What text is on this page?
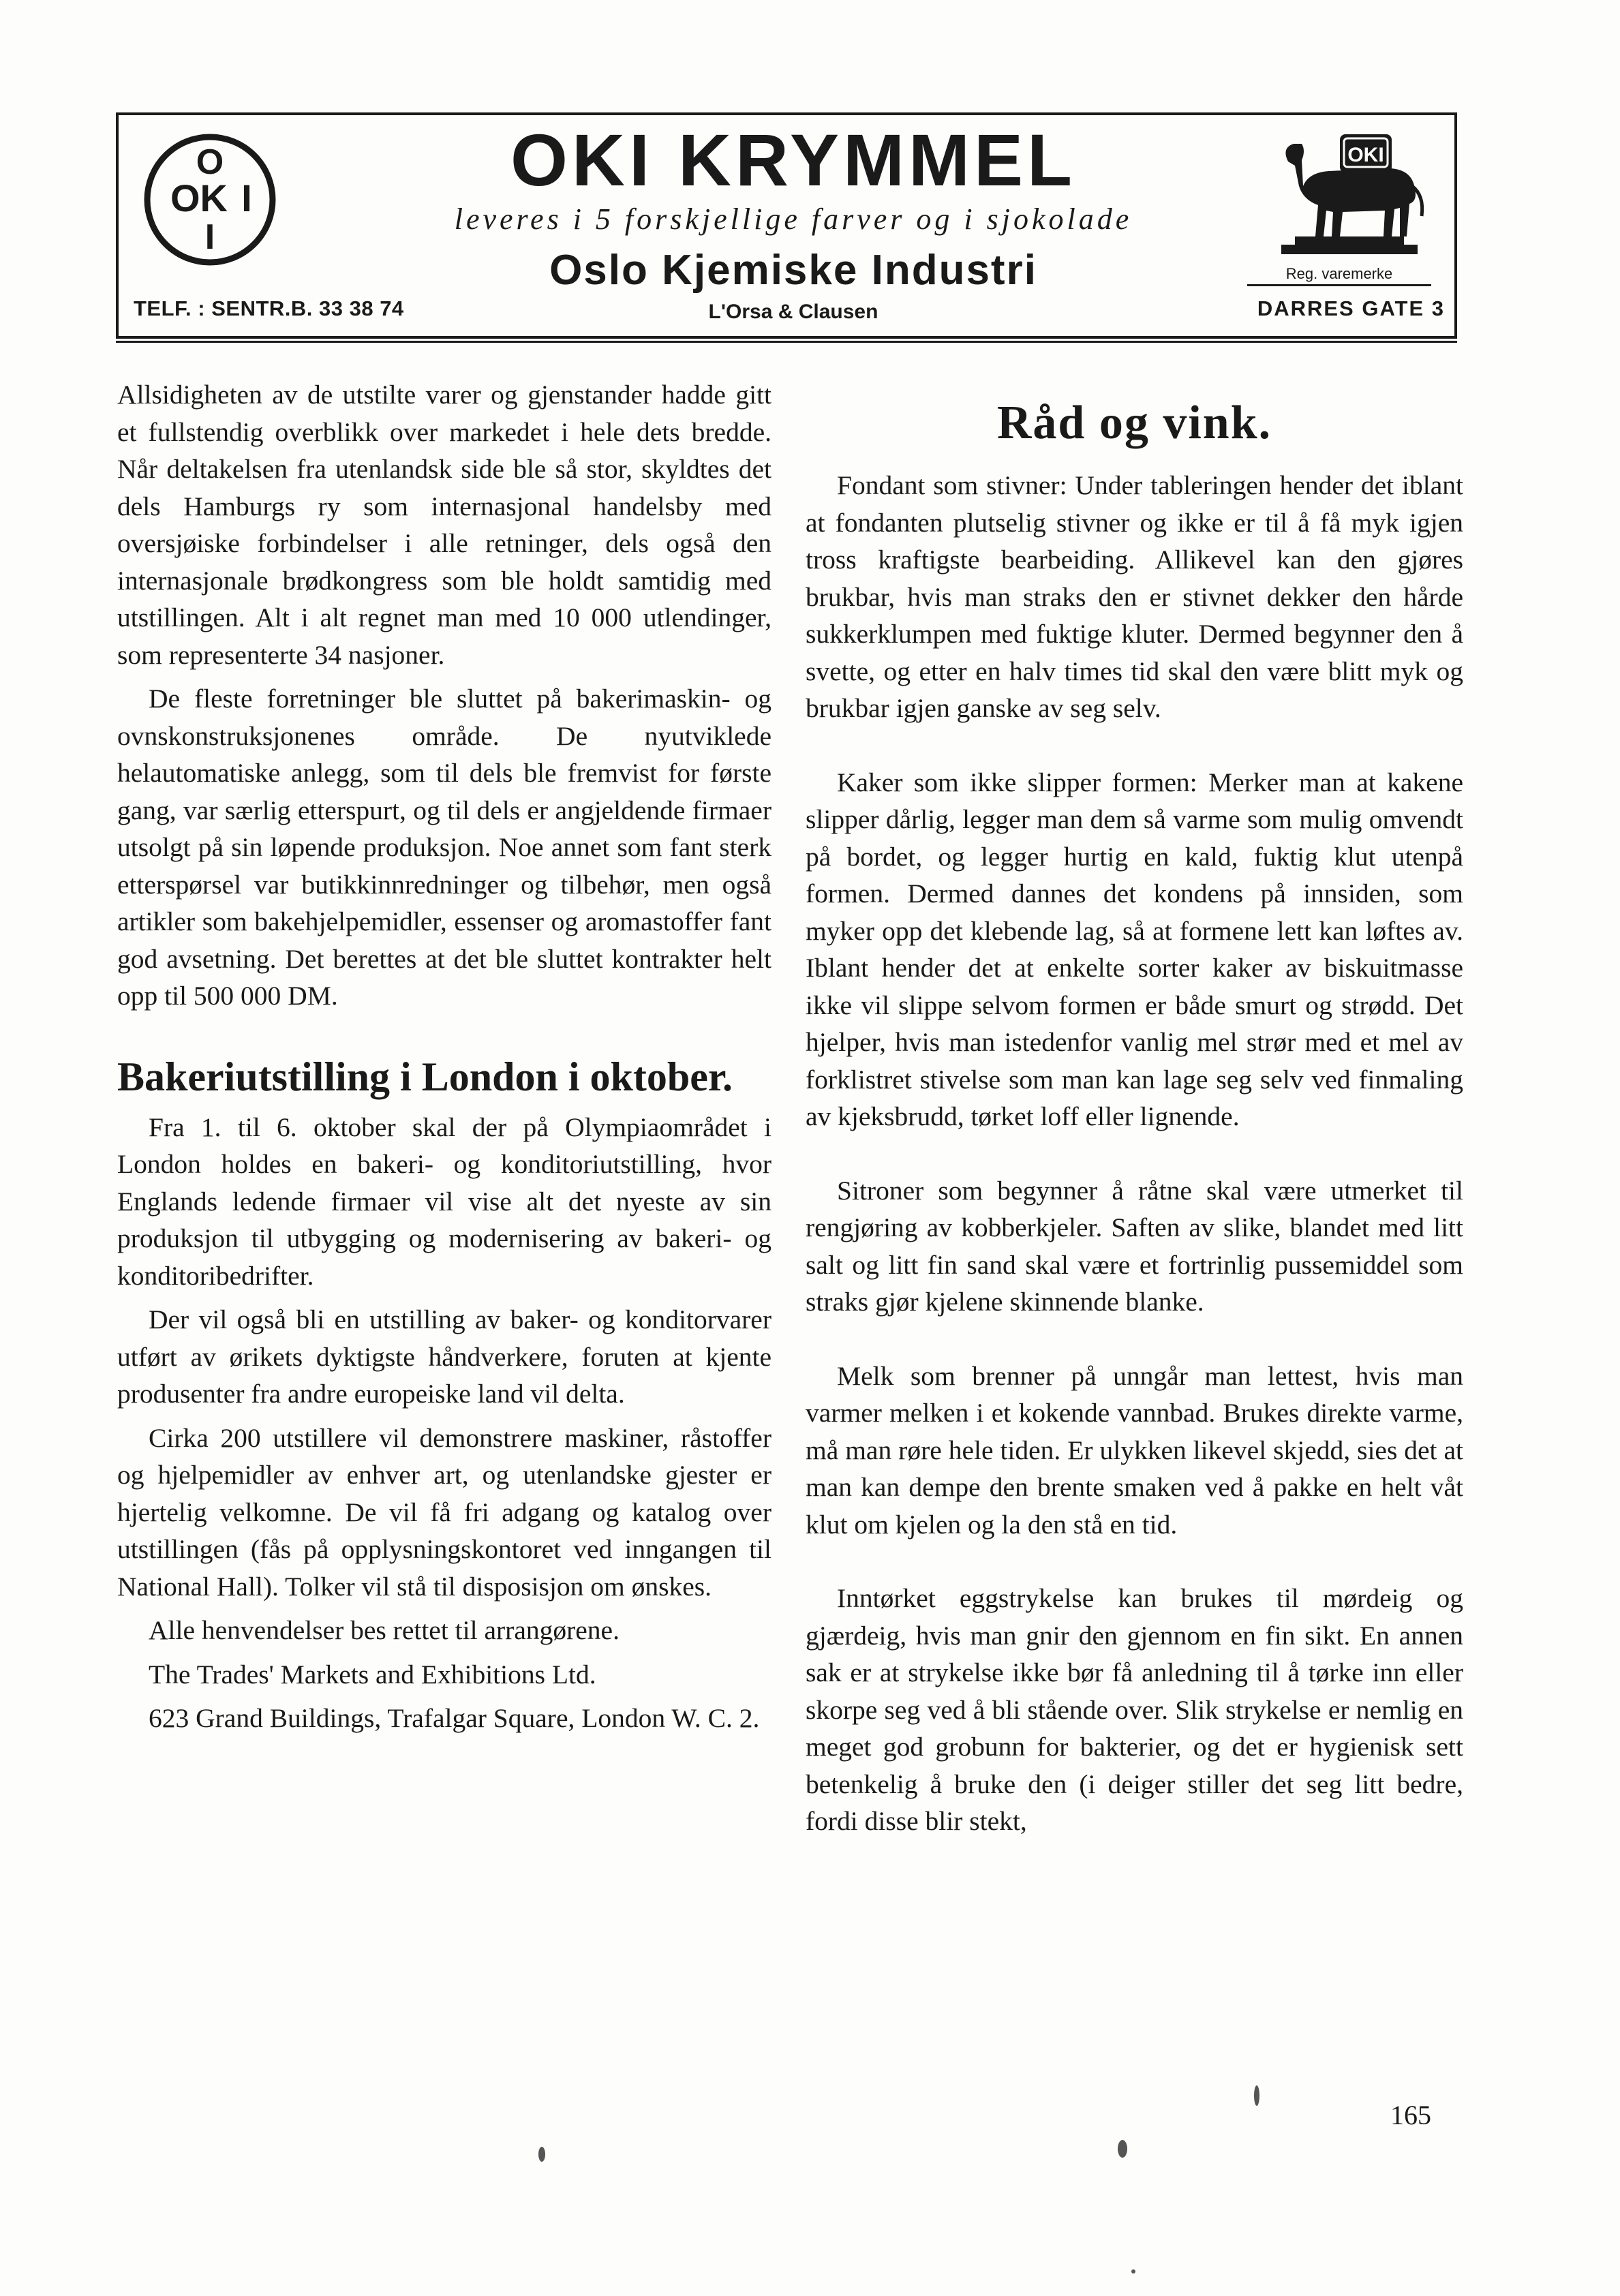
O
OK I
I
TELF. : SENTR.B. 33 38 74
OKI KRYMMEL
leveres i 5 forskjellige farver og i sjokolade
Oslo Kjemiske Industri
L'Orsa & Clausen
OKI
Reg. varemerke
DARRES GATE 3

Allsidigheten av de utstilte varer og gjenstander hadde gitt et fullstendig overblikk over markedet i hele dets bredde. Når deltakelsen fra utenlandsk side ble så stor, skyldtes det dels Hamburgs ry som internasjonal handelsby med oversjøiske forbindelser i alle retninger, dels også den internasjonale brødkongress som ble holdt samtidig med utstillingen. Alt i alt regnet man med 10 000 utlendinger, som representerte 34 nasjoner.

De fleste forretninger ble sluttet på bakerimaskin- og ovnskonstruksjonenes område. De nyutviklede helautomatiske anlegg, som til dels ble fremvist for første gang, var særlig etterspurt, og til dels er angjeldende firmaer utsolgt på sin løpende produksjon. Noe annet som fant sterk etterspørsel var butikkinnredninger og tilbehør, men også artikler som bakehjelpemidler, essenser og aromastoffer fant god avsetning. Det berettes at det ble sluttet kontrakter helt opp til 500 000 DM.

Bakeriutstilling i London i oktober.

Fra 1. til 6. oktober skal der på Olympiaområdet i London holdes en bakeri- og konditoriutstilling, hvor Englands ledende firmaer vil vise alt det nyeste av sin produksjon til utbygging og modernisering av bakeri- og konditoribedrifter.

Der vil også bli en utstilling av baker- og konditorvarer utført av ørikets dyktigste håndverkere, foruten at kjente produsenter fra andre europeiske land vil delta.

Cirka 200 utstillere vil demonstrere maskiner, råstoffer og hjelpemidler av enhver art, og utenlandske gjester er hjertelig velkomne. De vil få fri adgang og katalog over utstillingen (fås på opplysningskontoret ved inngangen til National Hall). Tolker vil stå til disposisjon om ønskes.

Alle henvendelser bes rettet til arrangørene.

The Trades' Markets and Exhibitions Ltd.

623 Grand Buildings, Trafalgar Square, London W. C. 2.

Råd og vink.

Fondant som stivner: Under tableringen hender det iblant at fondanten plutselig stivner og ikke er til å få myk igjen tross kraftigste bearbeiding. Allikevel kan den gjøres brukbar, hvis man straks den er stivnet dekker den hårde sukkerklumpen med fuktige kluter. Dermed begynner den å svette, og etter en halv times tid skal den være blitt myk og brukbar igjen ganske av seg selv.

Kaker som ikke slipper formen: Merker man at kakene slipper dårlig, legger man dem så varme som mulig omvendt på bordet, og legger hurtig en kald, fuktig klut utenpå formen. Dermed dannes det kondens på innsiden, som myker opp det klebende lag, så at formene lett kan løftes av. Iblant hender det at enkelte sorter kaker av biskuitmasse ikke vil slippe selvom formen er både smurt og strødd. Det hjelper, hvis man istedenfor vanlig mel strør med et mel av forklistret stivelse som man kan lage seg selv ved finmaling av kjeksbrudd, tørket loff eller lignende.

Sitroner som begynner å råtne skal være utmerket til rengjøring av kobberkjeler. Saften av slike, blandet med litt salt og litt fin sand skal være et fortrinlig pussemiddel som straks gjør kjelene skinnende blanke.

Melk som brenner på unngår man lettest, hvis man varmer melken i et kokende vannbad. Brukes direkte varme, må man røre hele tiden. Er ulykken likevel skjedd, sies det at man kan dempe den brente smaken ved å pakke en helt våt klut om kjelen og la den stå en tid.

Inntørket eggstrykelse kan brukes til mørdeig og gjærdeig, hvis man gnir den gjennom en fin sikt. En annen sak er at strykelse ikke bør få anledning til å tørke inn eller skorpe seg ved å bli stående over. Slik strykelse er nemlig en meget god grobunn for bakterier, og det er hygienisk sett betenkelig å bruke den (i deiger stiller det seg litt bedre, fordi disse blir stekt,

165
